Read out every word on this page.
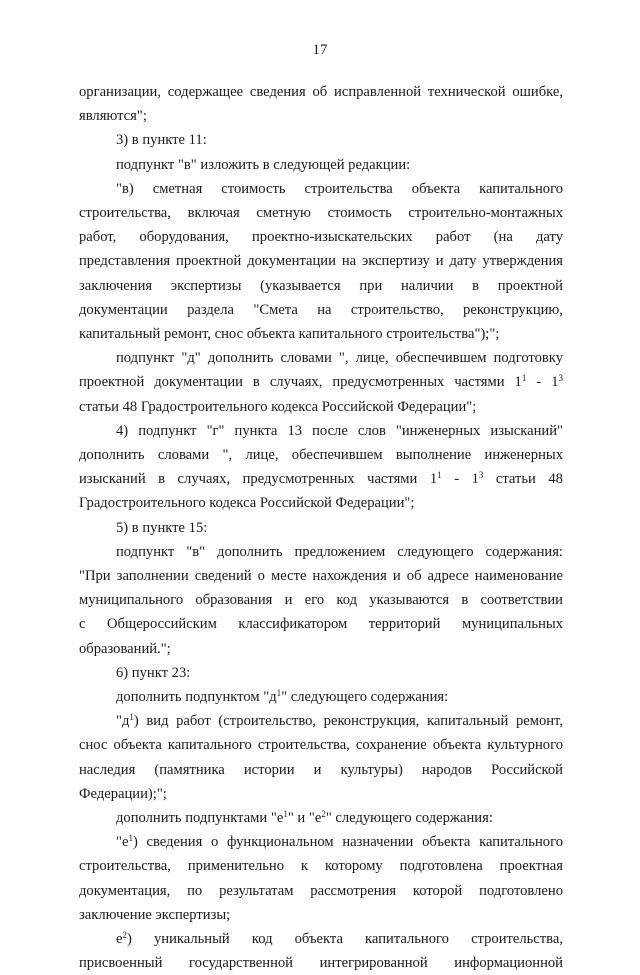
17
организации, содержащее сведения об исправленной технической ошибке,
являются";
3) в пункте 11:
подпункт "в" изложить в следующей редакции:
"в) сметная стоимость строительства объекта капитального
строительства, включая сметную стоимость строительно-монтажных
работ, оборудования, проектно-изыскательских работ (на дату
представления проектной документации на экспертизу и дату утверждения
заключения экспертизы (указывается при наличии в проектной
документации раздела "Смета на строительство, реконструкцию,
капитальный ремонт, снос объекта капитального строительства");";
подпункт "д" дополнить словами ", лице, обеспечившем подготовку
проектной документации в случаях, предусмотренных частями $1^1 - 1^3$
статьи 48 Градостроительного кодекса Российской Федерации";
4) подпункт "г" пункта 13 после слов "инженерных изысканий"
дополнить словами ", лице, обеспечившем выполнение инженерных
изысканий в случаях, предусмотренных частями $1^1 - 1^3$ статьи 48
Градостроительного кодекса Российской Федерации";
5) в пункте 15:
подпункт "в" дополнить предложением следующего содержания:
"При заполнении сведений о месте нахождения и об адресе наименование
муниципального образования и его код указываются в соответствии
с Общероссийским классификатором территорий муниципальных
образований.";
6) пункт 23:
дополнить подпунктом "$д^1$" следующего содержания:
"$д^1$) вид работ (строительство, реконструкция, капитальный ремонт,
снос объекта капитального строительства, сохранение объекта культурного
наследия (памятника истории и культуры) народов Российской
Федерации);";
дополнить подпунктами "$е^1$" и "$е^2$" следующего содержания:
"$е^1$) сведения о функциональном назначении объекта капитального
строительства, применительно к которому подготовлена проектная
документация, по результатам рассмотрения которой подготовлено
заключение экспертизы;
$е^2$) уникальный код объекта капитального строительства,
присвоенный государственной интегрированной информационной
